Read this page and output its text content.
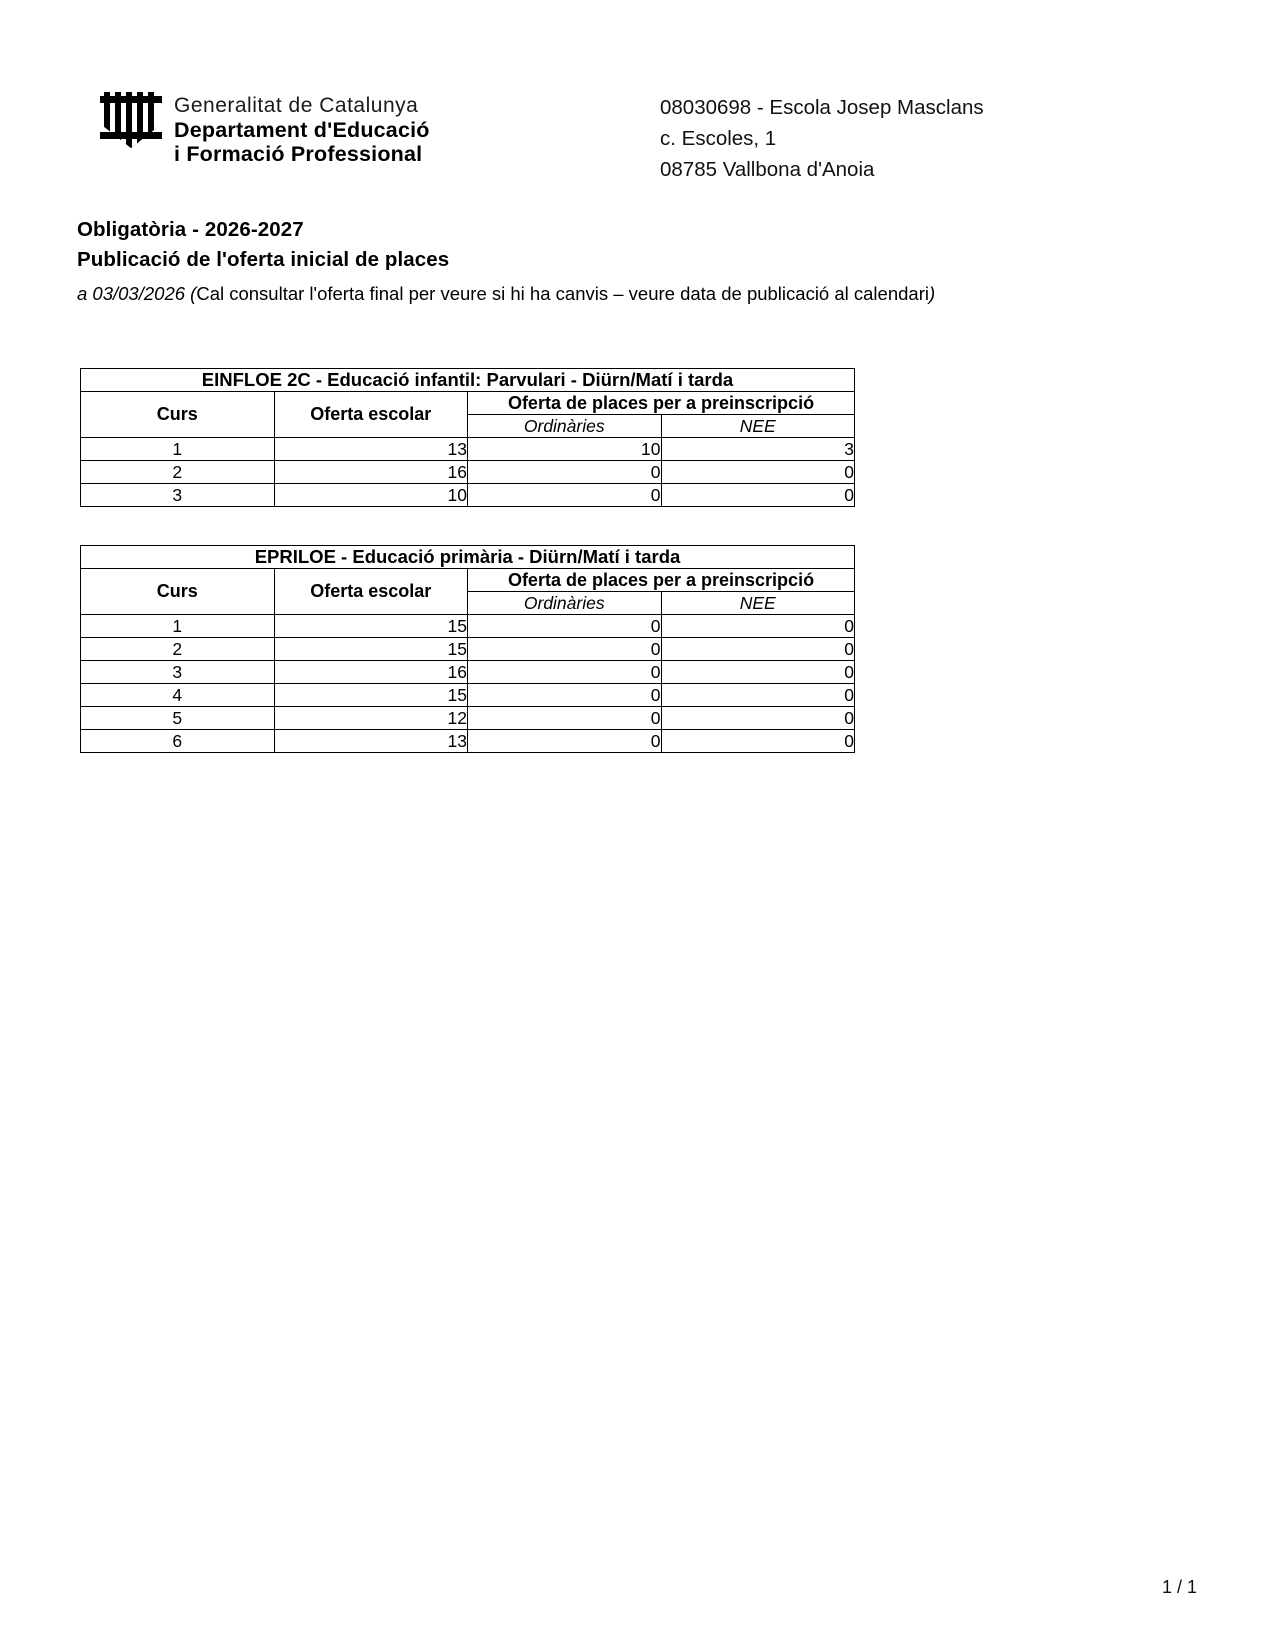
Generalitat de Catalunya
Departament d'Educació
i Formació Professional
08030698 - Escola Josep Masclans
c. Escoles, 1
08785 Vallbona d'Anoia
Obligatòria - 2026-2027
Publicació de l'oferta inicial de places
a 03/03/2026 (Cal consultar l'oferta final per veure si hi ha canvis – veure data de publicació al calendari)
EINFLOE 2C - Educació infantil: Parvulari - Diürn/Matí i tarda			
Curs	Oferta escolar	Oferta de places per a preinscripció	
		Ordinàries	NEE
1	13	10	3
2	16	0	0
3	10	0	0
EPRILOE - Educació primària - Diürn/Matí i tarda			
Curs	Oferta escolar	Oferta de places per a preinscripció	
		Ordinàries	NEE
1	15	0	0
2	15	0	0
3	16	0	0
4	15	0	0
5	12	0	0
6	13	0	0
1 / 1
